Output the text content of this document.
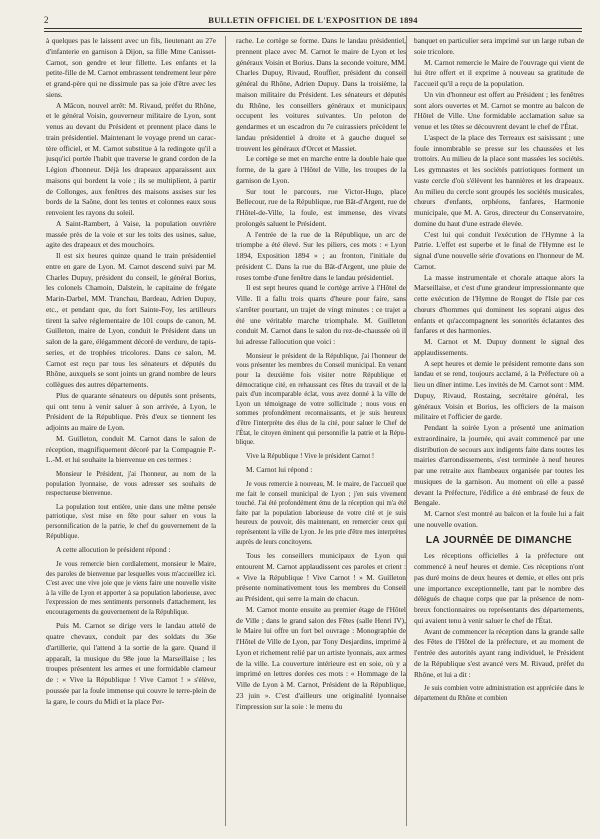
2	BULLETIN OFFICIEL DE L'EXPOSITION DE 1894

à quelques pas le laissent avec un fils, lieutenant au 27e d'infanterie en garnison à Dijon, sa fille Mme Canisset-Carnot, son gendre et leur fillette. Les enfants et la petite-fille de M. Carnot embrassent tendrement leur père et grand-père qui ne dissimule pas sa joie d'être avec les siens.

A Mâcon, nouvel arrêt: M. Rivaud, préfet du Rhône, et le général Voisin, gouverneur militaire de Lyon, sont venus au devant du Président et prennent place dans le train présidentiel. Maintenant le voyage prend un caractère officiel, et M. Carnot substitue à la redingote qu'il a jusqu'ici portée l'habit que traverse le grand cordon de la Légion d'honneur. Déjà les drapeaux apparaissent aux maisons qui bordent la voie ; ils se multiplient, à partir de Collonges, aux fenêtres des maisons assises sur les bords de la Saône, dont les tentes et colonnes eaux sous renvoient les rayons du soleil.

A Saint-Rambert, à Vaise, la population ouvrière massée près de la voie et sur les toits des usines, salue, agite des drapeaux et des mouchoirs.

Il est six heures quinze quand le train présidentiel entre en gare de Lyon. M. Carnot descend suivi par M. Charles Dupuy, président du conseil, le général Borius, les colonels Chamoin, Dalstein, le capitaine de frégate Marin-Darbel, MM. Tranchau, Bardeau, Adrien Dupuy, etc., et pendant que, du fort Sainte-Foy, les artilleurs tirent la salve réglementaire de 101 coups de canon, M. Guilleton, maire de Lyon, conduit le Président dans un salon de la gare, élégamment décoré de verdure, de tapisseries, et de trophées tricolores. Dans ce salon, M. Carnot est reçu par tous les sénateurs et députés du Rhône, auxquels se sont joints un grand nombre de leurs collègues des autres départements.

Plus de quarante sénateurs ou députés sont présents, qui ont tenu à venir saluer à son arrivée, à Lyon, le Président de la République. Près d'eux se tiennent les adjoints au maire de Lyon.

M. Guilleton, conduit M. Carnot dans le salon de réception, magnifiquement décoré par la Compagnie P.-L.-M. et lui souhaite la bienvenue en ces termes :

Monsieur le Président, j'ai l'honneur, au nom de la population lyonnaise, de vous adresser ses souhaits de respectueuse bienvenue.

La population tout entière, unie dans une même pensée patriotique, s'est mise en fête pour saluer en vous la personnification de la patrie, le chef du gouvernement de la République.

A cette allocution le président répond :

Je vous remercie bien cordialement, monsieur le Maire, des paroles de bienvenue par lesquelles vous m'accueillez ici. C'est avec une vive joie que je viens faire une nouvelle visite à la ville de Lyon et apporter à sa population laborieuse, avec l'expression de mes sentiments personnels d'attachement, les encouragements du gouvernement de la République.

Puis M. Carnot se dirige vers le landau attelé de quatre chevaux, conduit par des soldats du 36e d'artillerie, qui l'attend à la sortie de la gare. Quand il apparaît, la musique du 98e joue la Marseillaise ; les troupes présentent les armes et une formidable clameur de : « Vive la République ! Vive Carnot ! » s'élève, poussée par la foule immense qui couvre le terre-plein de la gare, le cours du Midi et la place Per-

rache. Le cortège se forme. Dans le landau présidentiel, prennent place avec M. Carnot le maire de Lyon et les généraux Voisin et Borius. Dans la seconde voiture, MM. Charles Dupuy, Rivaud, Rouffier, président du conseil général du Rhône, Adrien Dupuy. Dans la troisième, la maison militaire du Président. Les sénateurs et députés du Rhône, les conseillers généraux et municipaux occupent les voitures suivantes. Un peloton de gendarmes et un escadron du 7e cuirassiers précèdent le landau présidentiel à droite et à gauche duquel se trouvent les généraux d'Orcet et Massiet.

Le cortège se met en marche entre la double haie que forme, de la gare à l'Hôtel de Ville, les troupes de la garnison de Lyon.

Sur tout le parcours, rue Victor-Hugo, place Bellecour, rue de la République, rue Bât-d'Argent, rue de l'Hôtel-de-Ville, la foule, est immense, des vivats prolongés saluent le Président.

A l'entrée de la rue de la République, un arc de triomphe a été élevé. Sur les piliers, ces mots : « Lyon 1894, Exposition 1894 » ; au fronton, l'initiale du président C. Dans la rue du Bât-d'Argent, une pluie de roses tombe d'une fenêtre dans le landau présidentiel.

Il est sept heures quand le cortège arrive à l'Hôtel de Ville. Il a fallu trois quarts d'heure pour faire, sans s'arrêter pourtant, un trajet de vingt minutes : ce trajet a été une véritable marche triomphale. M. Guilleton conduit M. Carnot dans le salon du rez-de-chaussée où il lui adresse l'allocution que voici :

Monsieur le président de la République, j'ai l'honneur de vous présenter les membres du Conseil municipal. En venant pour la deuxième fois visiter notre République et démocratique cité, en rehaussant ces fêtes du travail et de la paix d'un incomparable éclat, vous avez donné à la ville de Lyon un témoignage de votre sollicitude ; nous vous en sommes profondément reconnaissants, et je suis heureux d'être l'interprète des élus de la cité, pour saluer le Chef de l'État, le citoyen éminent qui personnifie la patrie et la République.

Vive la République ! Vive le président Carnot !

M. Carnot lui répond :

Je vous remercie à nouveau, M. le maire, de l'accueil que me fait le conseil municipal de Lyon ; j'en suis vivement touché. J'ai été profondément ému de la réception qui m'a été faite par la population laborieuse de votre cité et je suis heureux de pouvoir, dès maintenant, en remercier ceux qui représentent la ville de Lyon. Je les prie d'être mes interprètes auprès de leurs concitoyens.

Tous les conseillers municipaux de Lyon qui entourent M. Carnot applaudissent ces paroles et crient : « Vive la République ! Vive Carnot ! » M. Guilleton présente nominativement tous les membres du Conseil au Président, qui serre la main de chacun.

M. Carnot monte ensuite au premier étage de l'Hôtel de Ville ; dans le grand salon des Fêtes (salle Henri IV), le Maire lui offre un fort bel ouvrage : Monographie de l'Hôtel de Ville de Lyon, par Tony Desjardins, imprimé à Lyon et richement relié par un artiste lyonnais, aux armes de la ville. La couverture intérieure est en soie, où y a imprimé en lettres dorées ces mots : « Hommage de la Ville de Lyon à M. Carnot, Président de la République, 23 juin ». C'est d'ailleurs une originalité lyonnaise l'impression sur la soie : le menu du

banquet en particulier sera imprimé sur un large ruban de soie tricolore.

M. Carnot remercie le Maire de l'ouvrage qui vient de lui être offert et il exprime à nouveau sa gratitude de l'accueil qu'il a reçu de la population.

Un vin d'honneur est offert au Président ; les fenêtres sont alors ouvertes et M. Carnot se montre au balcon de l'Hôtel de Ville. Une formidable acclamation salue sa venue et les têtes se découvrent devant le chef de l'État.

L'aspect de la place des Terreaux est saisissant ; une foule innombrable se presse sur les chaussées et les trottoirs. Au milieu de la place sont massées les sociétés. Les gymnastes et les sociétés patriotiques forment un vaste cercle d'où s'élèvent les bannières et les drapeaux. Au milieu du cercle sont groupés les sociétés musicales, chœurs d'enfants, orphéons, fanfares, Harmonie municipale, que M. A. Gros, directeur du Conservatoire, domine du haut d'une estrade élevée.

C'est lui qui conduit l'exécution de l'Hymne à la Patrie. L'effet est superbe et le final de l'Hymne est le signal d'une nouvelle série d'ovations en l'honneur de M. Carnot.

La masse instrumentale et chorale attaque alors la Marseillaise, et c'est d'une grandeur impressionnante que cette exécution de l'Hymne de Rouget de l'Isle par ces chœurs d'hommes qui dominent les soprani aigus des enfants et qu'accompagnent les sonorités éclatantes des fanfares et des harmonies.

M. Carnot et M. Dupuy donnent le signal des applaudissements.

A sept heures et demie le président remonte dans son landau et se rend, toujours acclamé, à la Préfecture où a lieu un dîner intime. Les invités de M. Carnot sont : MM. Dupuy, Rivaud, Rostaing, secrétaire général, les généraux Voisin et Borius, les officiers de la maison militaire et l'officier de garde.

Pendant la soirée Lyon a présenté une animation extraordinaire, la journée, qui avait commencé par une distribution de secours aux indigents faite dans toutes les mairies d'arrondissements, s'est terminée à neuf heures par une retraite aux flambeaux organisée par toutes les musiques de la garnison. Au moment où elle a passé devant la Préfecture, l'édifice a été embrasé de feux de Bengale.

M. Carnot s'est montré au balcon et la foule lui a fait une nouvelle ovation.

LA JOURNÉE DE DIMANCHE

Les réceptions officielles à la préfecture ont commencé à neuf heures et demie. Ces réceptions n'ont pas duré moins de deux heures et demie, et elles ont pris une importance exceptionnelle, tant par le nombre des délégués de chaque corps que par la présence de nombreux fonctionnaires ou représentants des départements, qui avaient tenu à venir saluer le chef de l'État.

Avant de commencer la réception dans la grande salle des Fêtes de l'Hôtel de la préfecture, et au moment de l'entrée des autorités ayant rang individuel, le Président de la République s'est avancé vers M. Rivaud, préfet du Rhône, et lui a dit :

Je suis combien votre administration est appréciée dans le département du Rhône et combien
